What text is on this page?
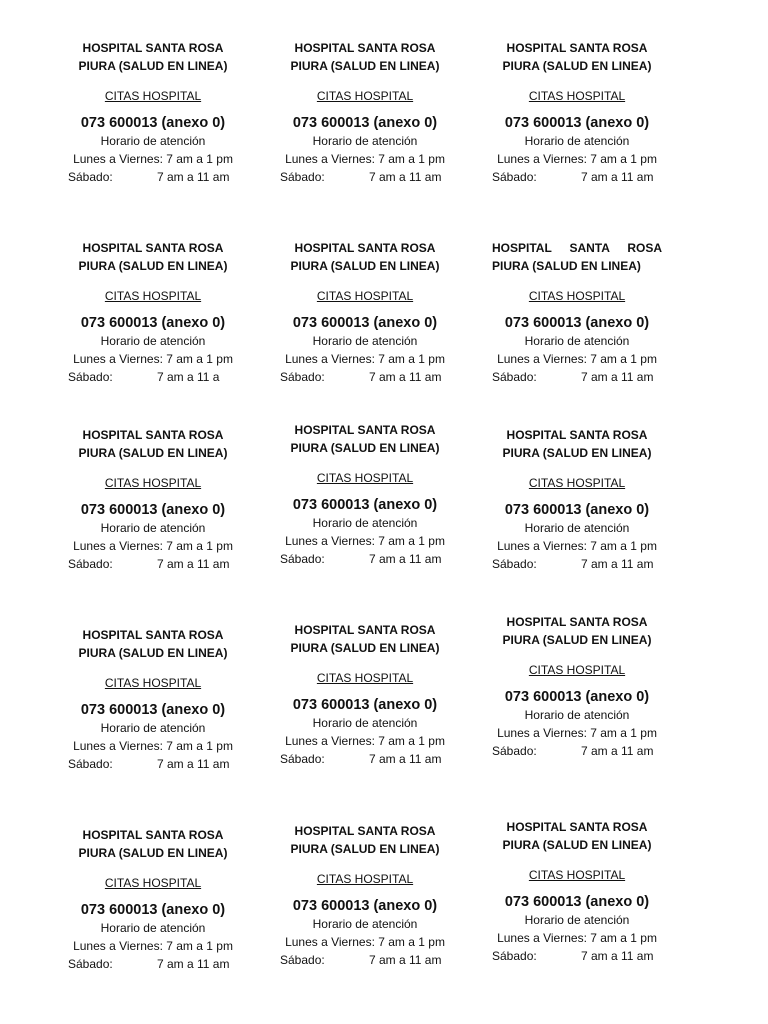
HOSPITAL SANTA ROSA
PIURA (SALUD EN LINEA)
CITAS HOSPITAL
073 600013 (anexo 0)
Horario de atención
Lunes a Viernes: 7 am a 1 pm
Sábado:	7 am a 11 am
HOSPITAL SANTA ROSA
PIURA (SALUD EN LINEA)
CITAS HOSPITAL
073 600013 (anexo 0)
Horario de atención
Lunes a Viernes: 7 am a 1 pm
Sábado:	7 am a 11 am
HOSPITAL SANTA ROSA
PIURA (SALUD EN LINEA)
CITAS HOSPITAL
073 600013 (anexo 0)
Horario de atención
Lunes a Viernes: 7 am a 1 pm
Sábado:	7 am a 11 am
HOSPITAL SANTA ROSA
PIURA (SALUD EN LINEA)
CITAS HOSPITAL
073 600013 (anexo 0)
Horario de atención
Lunes a Viernes: 7 am a 1 pm
Sábado:	7 am a 11 a
HOSPITAL SANTA ROSA
PIURA (SALUD EN LINEA)
CITAS HOSPITAL
073 600013 (anexo 0)
Horario de atención
Lunes a Viernes: 7 am a 1 pm
Sábado:	7 am a 11 am
HOSPITAL SANTA ROSA
PIURA (SALUD EN LINEA)
CITAS HOSPITAL
073 600013 (anexo 0)
Horario de atención
Lunes a Viernes: 7 am a 1 pm
Sábado:	7 am a 11 am
HOSPITAL SANTA ROSA
PIURA (SALUD EN LINEA)
CITAS HOSPITAL
073 600013 (anexo 0)
Horario de atención
Lunes a Viernes: 7 am a 1 pm
Sábado:	7 am a 11 am
HOSPITAL SANTA ROSA
PIURA (SALUD EN LINEA)
CITAS HOSPITAL
073 600013 (anexo 0)
Horario de atención
Lunes a Viernes: 7 am a 1 pm
Sábado:	7 am a 11 am
HOSPITAL SANTA ROSA
PIURA (SALUD EN LINEA)
CITAS HOSPITAL
073 600013 (anexo 0)
Horario de atención
Lunes a Viernes: 7 am a 1 pm
Sábado:	7 am a 11 am
HOSPITAL SANTA ROSA
PIURA (SALUD EN LINEA)
CITAS HOSPITAL
073 600013 (anexo 0)
Horario de atención
Lunes a Viernes: 7 am a 1 pm
Sábado:	7 am a 11 am
HOSPITAL SANTA ROSA
PIURA (SALUD EN LINEA)
CITAS HOSPITAL
073 600013 (anexo 0)
Horario de atención
Lunes a Viernes: 7 am a 1 pm
Sábado:	7 am a 11 am
HOSPITAL SANTA ROSA
PIURA (SALUD EN LINEA)
CITAS HOSPITAL
073 600013 (anexo 0)
Horario de atención
Lunes a Viernes: 7 am a 1 pm
Sábado:	7 am a 11 am
HOSPITAL SANTA ROSA
PIURA (SALUD EN LINEA)
CITAS HOSPITAL
073 600013 (anexo 0)
Horario de atención
Lunes a Viernes: 7 am a 1 pm
Sábado:	7 am a 11 am
HOSPITAL SANTA ROSA
PIURA (SALUD EN LINEA)
CITAS HOSPITAL
073 600013 (anexo 0)
Horario de atención
Lunes a Viernes: 7 am a 1 pm
Sábado:	7 am a 11 am
HOSPITAL SANTA ROSA
PIURA (SALUD EN LINEA)
CITAS HOSPITAL
073 600013 (anexo 0)
Horario de atención
Lunes a Viernes: 7 am a 1 pm
Sábado:	7 am a 11 am
